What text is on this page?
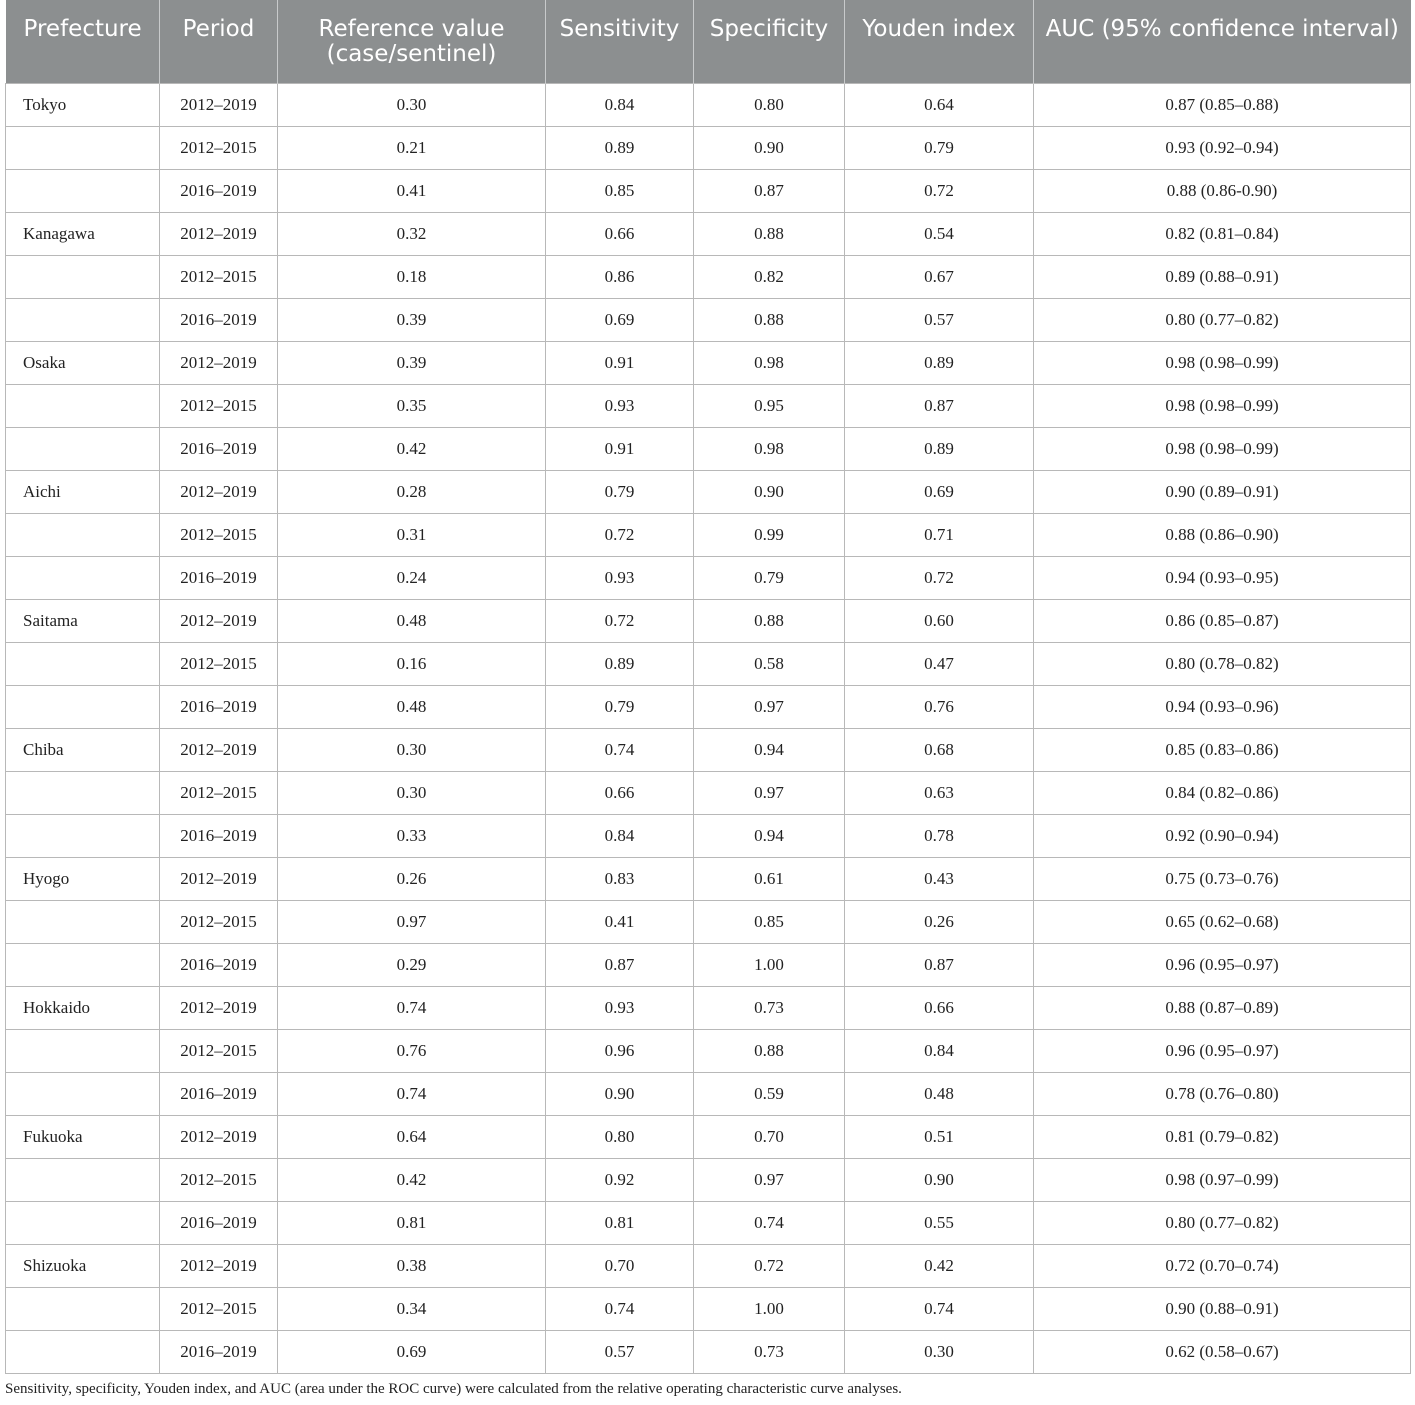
Prefecture	Period	Reference value (case/sentinel)	Sensitivity	Specificity	Youden index	AUC (95% confidence interval)
Tokyo	2012–2019	0.30	0.84	0.80	0.64	0.87 (0.85–0.88)
	2012–2015	0.21	0.89	0.90	0.79	0.93 (0.92–0.94)
	2016–2019	0.41	0.85	0.87	0.72	0.88 (0.86-0.90)
Kanagawa	2012–2019	0.32	0.66	0.88	0.54	0.82 (0.81–0.84)
	2012–2015	0.18	0.86	0.82	0.67	0.89 (0.88–0.91)
	2016–2019	0.39	0.69	0.88	0.57	0.80 (0.77–0.82)
Osaka	2012–2019	0.39	0.91	0.98	0.89	0.98 (0.98–0.99)
	2012–2015	0.35	0.93	0.95	0.87	0.98 (0.98–0.99)
	2016–2019	0.42	0.91	0.98	0.89	0.98 (0.98–0.99)
Aichi	2012–2019	0.28	0.79	0.90	0.69	0.90 (0.89–0.91)
	2012–2015	0.31	0.72	0.99	0.71	0.88 (0.86–0.90)
	2016–2019	0.24	0.93	0.79	0.72	0.94 (0.93–0.95)
Saitama	2012–2019	0.48	0.72	0.88	0.60	0.86 (0.85–0.87)
	2012–2015	0.16	0.89	0.58	0.47	0.80 (0.78–0.82)
	2016–2019	0.48	0.79	0.97	0.76	0.94 (0.93–0.96)
Chiba	2012–2019	0.30	0.74	0.94	0.68	0.85 (0.83–0.86)
	2012–2015	0.30	0.66	0.97	0.63	0.84 (0.82–0.86)
	2016–2019	0.33	0.84	0.94	0.78	0.92 (0.90–0.94)
Hyogo	2012–2019	0.26	0.83	0.61	0.43	0.75 (0.73–0.76)
	2012–2015	0.97	0.41	0.85	0.26	0.65 (0.62–0.68)
	2016–2019	0.29	0.87	1.00	0.87	0.96 (0.95–0.97)
Hokkaido	2012–2019	0.74	0.93	0.73	0.66	0.88 (0.87–0.89)
	2012–2015	0.76	0.96	0.88	0.84	0.96 (0.95–0.97)
	2016–2019	0.74	0.90	0.59	0.48	0.78 (0.76–0.80)
Fukuoka	2012–2019	0.64	0.80	0.70	0.51	0.81 (0.79–0.82)
	2012–2015	0.42	0.92	0.97	0.90	0.98 (0.97–0.99)
	2016–2019	0.81	0.81	0.74	0.55	0.80 (0.77–0.82)
Shizuoka	2012–2019	0.38	0.70	0.72	0.42	0.72 (0.70–0.74)
	2012–2015	0.34	0.74	1.00	0.74	0.90 (0.88–0.91)
	2016–2019	0.69	0.57	0.73	0.30	0.62 (0.58–0.67)
Sensitivity, specificity, Youden index, and AUC (area under the ROC curve) were calculated from the relative operating characteristic curve analyses.
